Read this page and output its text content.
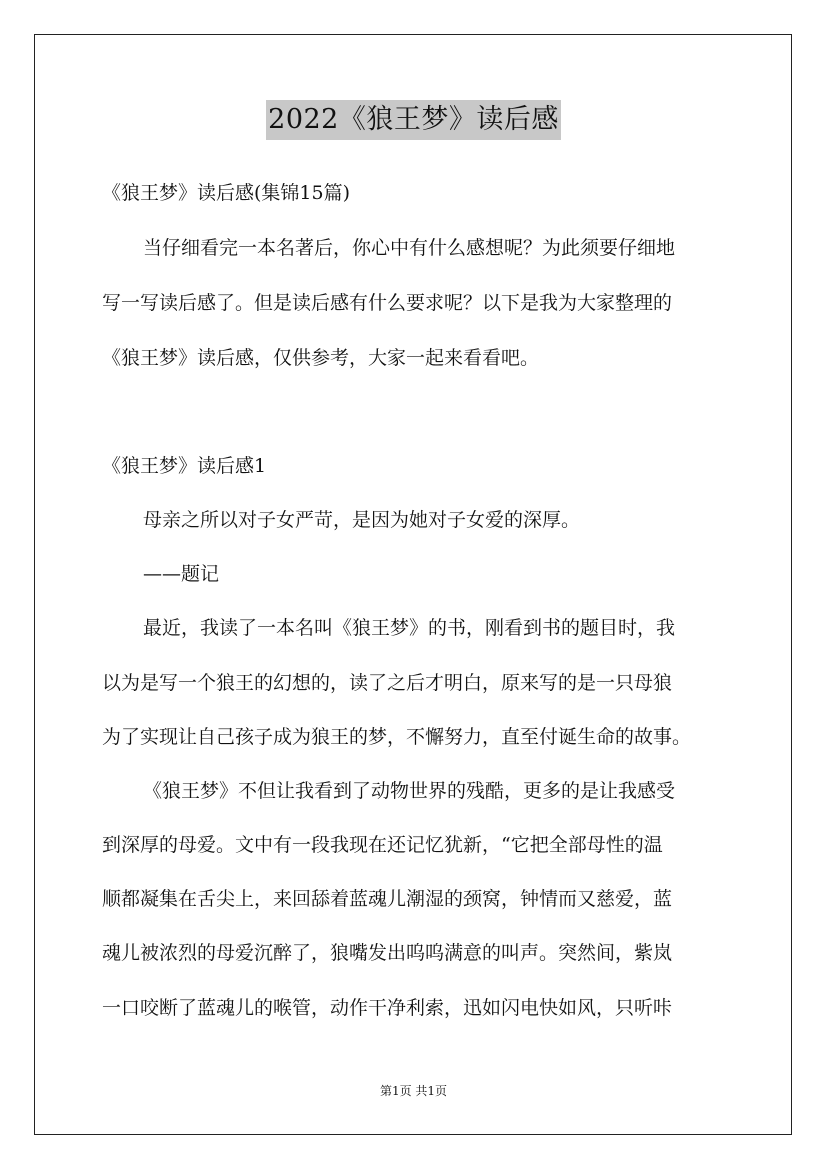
2022《狼王梦》读后感
《狼王梦》读后感(集锦15篇)
当仔细看完一本名著后，你心中有什么感想呢？为此须要仔细地
写一写读后感了。但是读后感有什么要求呢？以下是我为大家整理的
《狼王梦》读后感，仅供参考，大家一起来看看吧。
《狼王梦》读后感1
母亲之所以对子女严苛，是因为她对子女爱的深厚。
——题记
最近，我读了一本名叫《狼王梦》的书，刚看到书的题目时，我
以为是写一个狼王的幻想的，读了之后才明白，原来写的是一只母狼
为了实现让自己孩子成为狼王的梦，不懈努力，直至付诞生命的故事。
《狼王梦》不但让我看到了动物世界的残酷，更多的是让我感受
到深厚的母爱。文中有一段我现在还记忆犹新，“它把全部母性的温
顺都凝集在舌尖上，来回舔着蓝魂儿潮湿的颈窝，钟情而又慈爱，蓝
魂儿被浓烈的母爱沉醉了，狼嘴发出呜呜满意的叫声。突然间，紫岚
一口咬断了蓝魂儿的喉管，动作干净利索，迅如闪电快如风，只听咔
第1页 共1页
